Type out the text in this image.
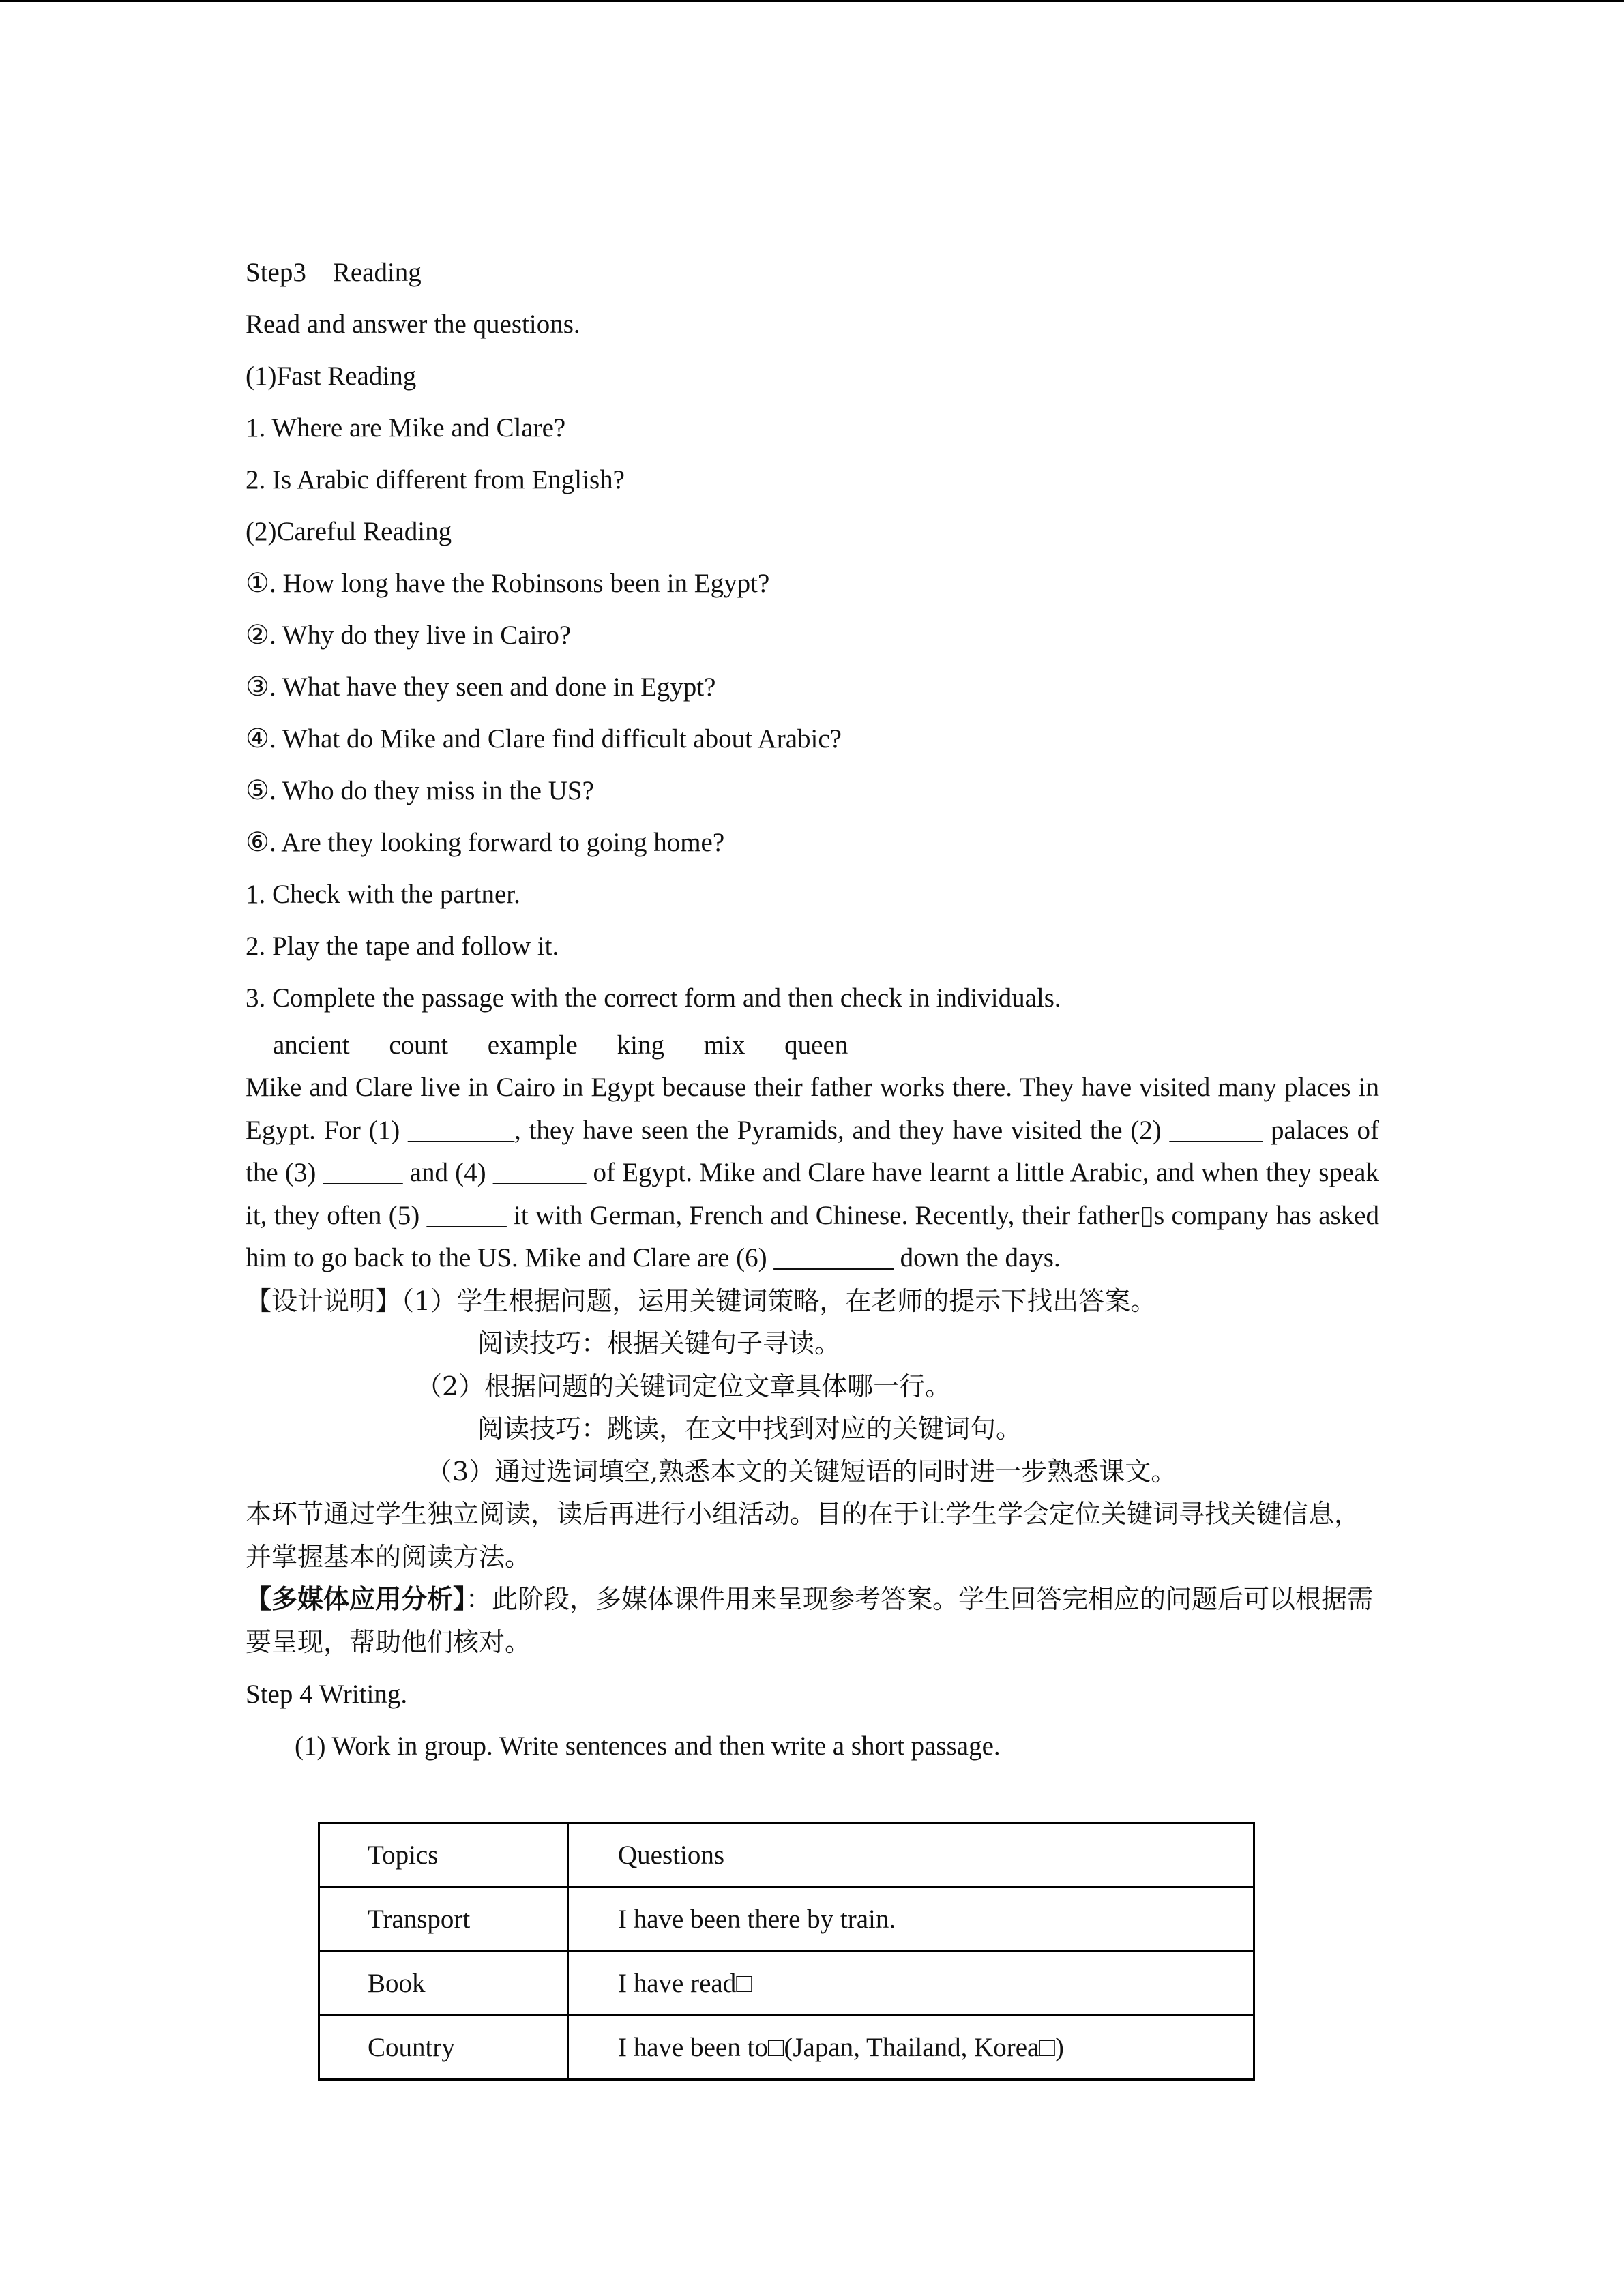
Step3    Reading
Read and answer the questions.
(1)Fast Reading
1. Where are Mike and Clare?
2. Is Arabic different from English?
(2)Careful Reading
①. How long have the Robinsons been in Egypt?
②. Why do they live in Cairo?
③. What have they seen and done in Egypt?
④. What do Mike and Clare find difficult about Arabic?
⑤. Who do they miss in the US?
⑥. Are they looking forward to going home?
1. Check with the partner.
2. Play the tape and follow it.
3. Complete the passage with the correct form and then check in individuals.
ancient count example king mix queen
Mike and Clare live in Cairo in Egypt because their father works there. They have visited many places in Egypt. For (1) ________, they have seen the Pyramids, and they have visited the (2) _______ palaces of the (3) ______ and (4) _______ of Egypt. Mike and Clare have learnt a little Arabic, and when they speak it, they often (5) ______ it with German, French and Chinese. Recently, their father▯s company has asked him to go back to the US. Mike and Clare are (6) _________ down the days.
【设计说明】（1）学生根据问题，运用关键词策略，在老师的提示下找出答案。
阅读技巧：根据关键句子寻读。
（2）根据问题的关键词定位文章具体哪一行。
阅读技巧：跳读，在文中找到对应的关键词句。
（3）通过选词填空,熟悉本文的关键短语的同时进一步熟悉课文。
本环节通过学生独立阅读，读后再进行小组活动。目的在于让学生学会定位关键词寻找关键信息，并掌握基本的阅读方法。
【多媒体应用分析】：此阶段，多媒体课件用来呈现参考答案。学生回答完相应的问题后可以根据需要呈现，帮助他们核对。
Step 4 Writing.
(1) Work in group. Write sentences and then write a short passage.
Topics	Questions
Transport	I have been there by train.
Book	I have read□
Country	I have been to□(Japan, Thailand, Korea□)
